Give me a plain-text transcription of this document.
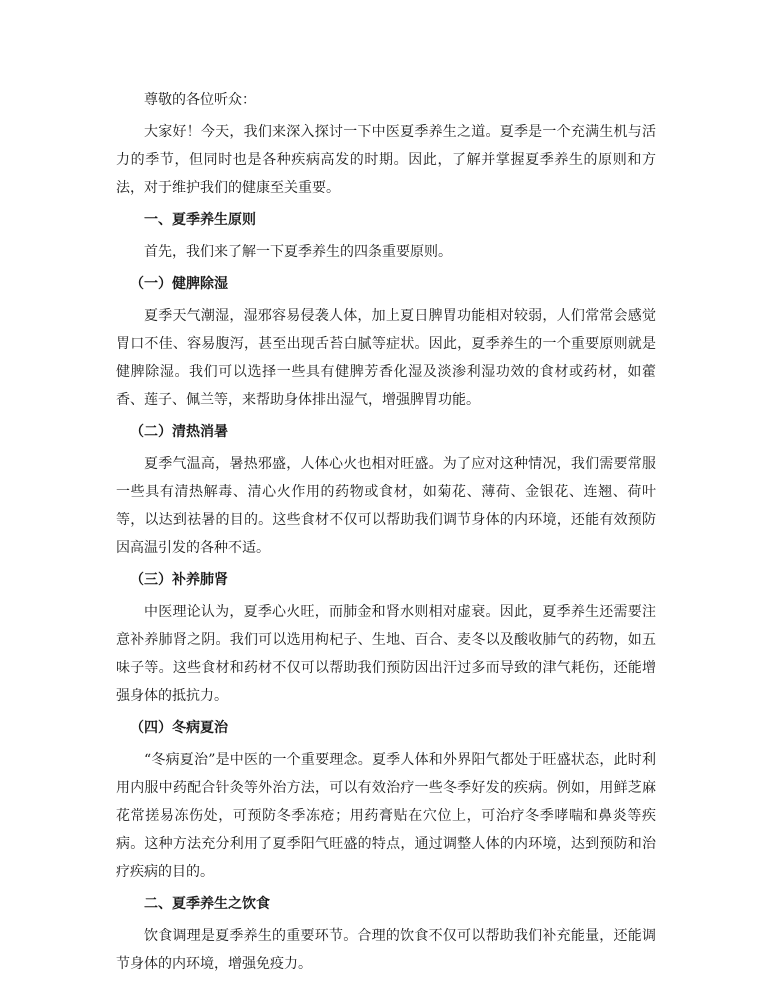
尊敬的各位听众：

大家好！今天，我们来深入探讨一下中医夏季养生之道。夏季是一个充满生机与活力的季节，但同时也是各种疾病高发的时期。因此，了解并掌握夏季养生的原则和方法，对于维护我们的健康至关重要。

一、夏季养生原则

首先，我们来了解一下夏季养生的四条重要原则。

（一）健脾除湿

夏季天气潮湿，湿邪容易侵袭人体，加上夏日脾胃功能相对较弱，人们常常会感觉胃口不佳、容易腹泻，甚至出现舌苔白腻等症状。因此，夏季养生的一个重要原则就是健脾除湿。我们可以选择一些具有健脾芳香化湿及淡渗利湿功效的食材或药材，如藿香、莲子、佩兰等，来帮助身体排出湿气，增强脾胃功能。

（二）清热消暑

夏季气温高，暑热邪盛，人体心火也相对旺盛。为了应对这种情况，我们需要常服一些具有清热解毒、清心火作用的药物或食材，如菊花、薄荷、金银花、连翘、荷叶等，以达到祛暑的目的。这些食材不仅可以帮助我们调节身体的内环境，还能有效预防因高温引发的各种不适。

（三）补养肺肾

中医理论认为，夏季心火旺，而肺金和肾水则相对虚衰。因此，夏季养生还需要注意补养肺肾之阴。我们可以选用枸杞子、生地、百合、麦冬以及酸收肺气的药物，如五味子等。这些食材和药材不仅可以帮助我们预防因出汗过多而导致的津气耗伤，还能增强身体的抵抗力。

（四）冬病夏治

“冬病夏治”是中医的一个重要理念。夏季人体和外界阳气都处于旺盛状态，此时利用内服中药配合针灸等外治方法，可以有效治疗一些冬季好发的疾病。例如，用鲜芝麻花常搓易冻伤处，可预防冬季冻疮；用药膏贴在穴位上，可治疗冬季哮喘和鼻炎等疾病。这种方法充分利用了夏季阳气旺盛的特点，通过调整人体的内环境，达到预防和治疗疾病的目的。

二、夏季养生之饮食

饮食调理是夏季养生的重要环节。合理的饮食不仅可以帮助我们补充能量，还能调节身体的内环境，增强免疫力。
